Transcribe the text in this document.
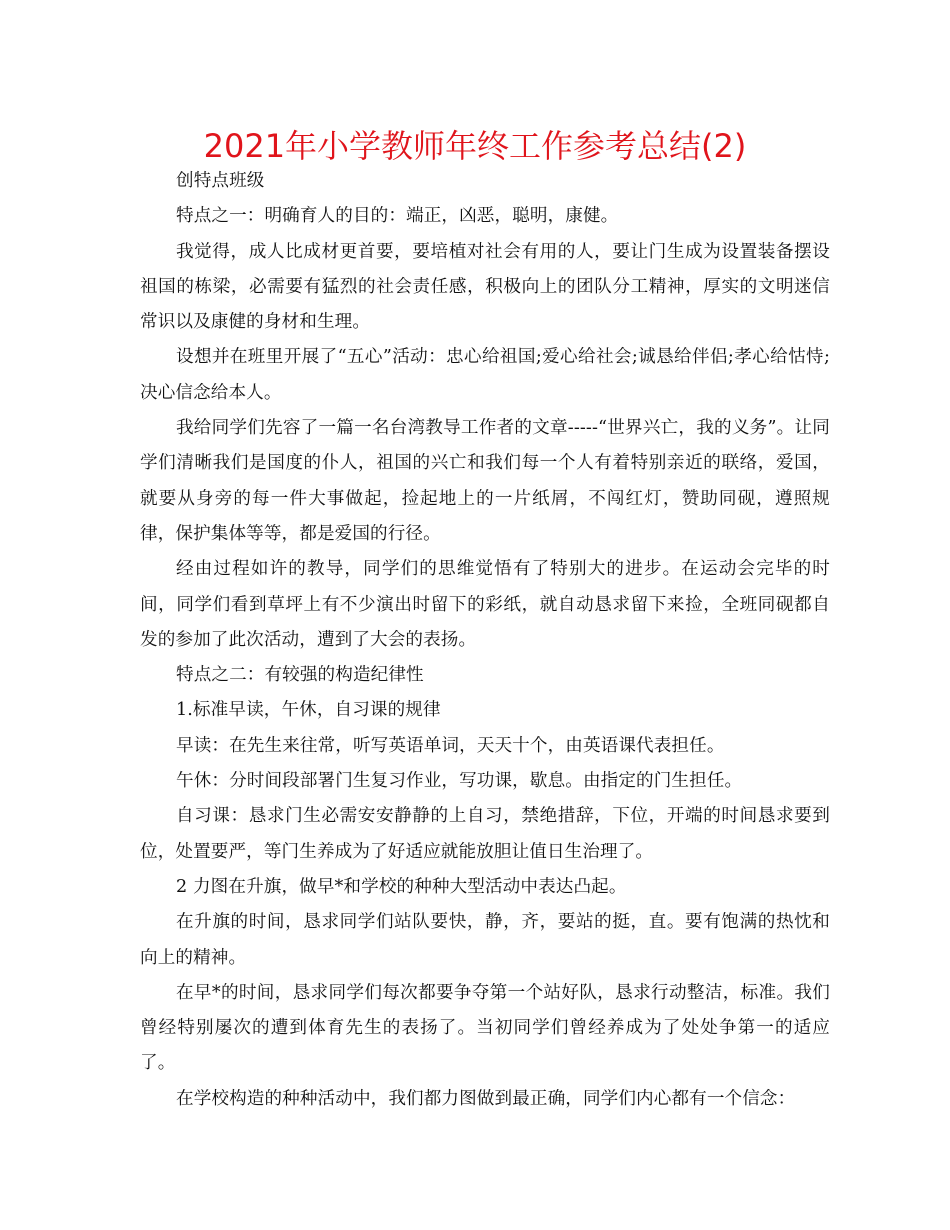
2021年小学教师年终工作参考总结(2)

创特点班级

特点之一：明确育人的目的：端正，凶恶，聪明，康健。

我觉得，成人比成材更首要，要培植对社会有用的人，要让门生成为设置装备摆设祖国的栋梁，必需要有猛烈的社会责任感，积极向上的团队分工精神，厚实的文明迷信常识以及康健的身材和生理。

设想并在班里开展了“五心”活动：忠心给祖国;爱心给社会;诚恳给伴侣;孝心给怙恃;决心信念给本人。

我给同学们先容了一篇一名台湾教导工作者的文章-----“世界兴亡，我的义务”。让同学们清晰我们是国度的仆人，祖国的兴亡和我们每一个人有着特别亲近的联络，爱国，就要从身旁的每一件大事做起，捡起地上的一片纸屑，不闯红灯，赞助同砚，遵照规律，保护集体等等，都是爱国的行径。

经由过程如许的教导，同学们的思维觉悟有了特别大的进步。在运动会完毕的时间，同学们看到草坪上有不少演出时留下的彩纸，就自动恳求留下来捡，全班同砚都自发的参加了此次活动，遭到了大会的表扬。

特点之二：有较强的构造纪律性

1.标准早读，午休，自习课的规律

早读：在先生来往常，听写英语单词，天天十个，由英语课代表担任。

午休：分时间段部署门生复习作业，写功课，歇息。由指定的门生担任。

自习课：恳求门生必需安安静静的上自习，禁绝措辞，下位，开端的时间恳求要到位，处置要严，等门生养成为了好适应就能放胆让值日生治理了。

2 力图在升旗，做早*和学校的种种大型活动中表达凸起。

在升旗的时间，恳求同学们站队要快，静，齐，要站的挺，直。要有饱满的热忱和向上的精神。

在早*的时间，恳求同学们每次都要争夺第一个站好队，恳求行动整洁，标准。我们曾经特别屡次的遭到体育先生的表扬了。当初同学们曾经养成为了处处争第一的适应了。

在学校构造的种种活动中，我们都力图做到最正确，同学们内心都有一个信念：
